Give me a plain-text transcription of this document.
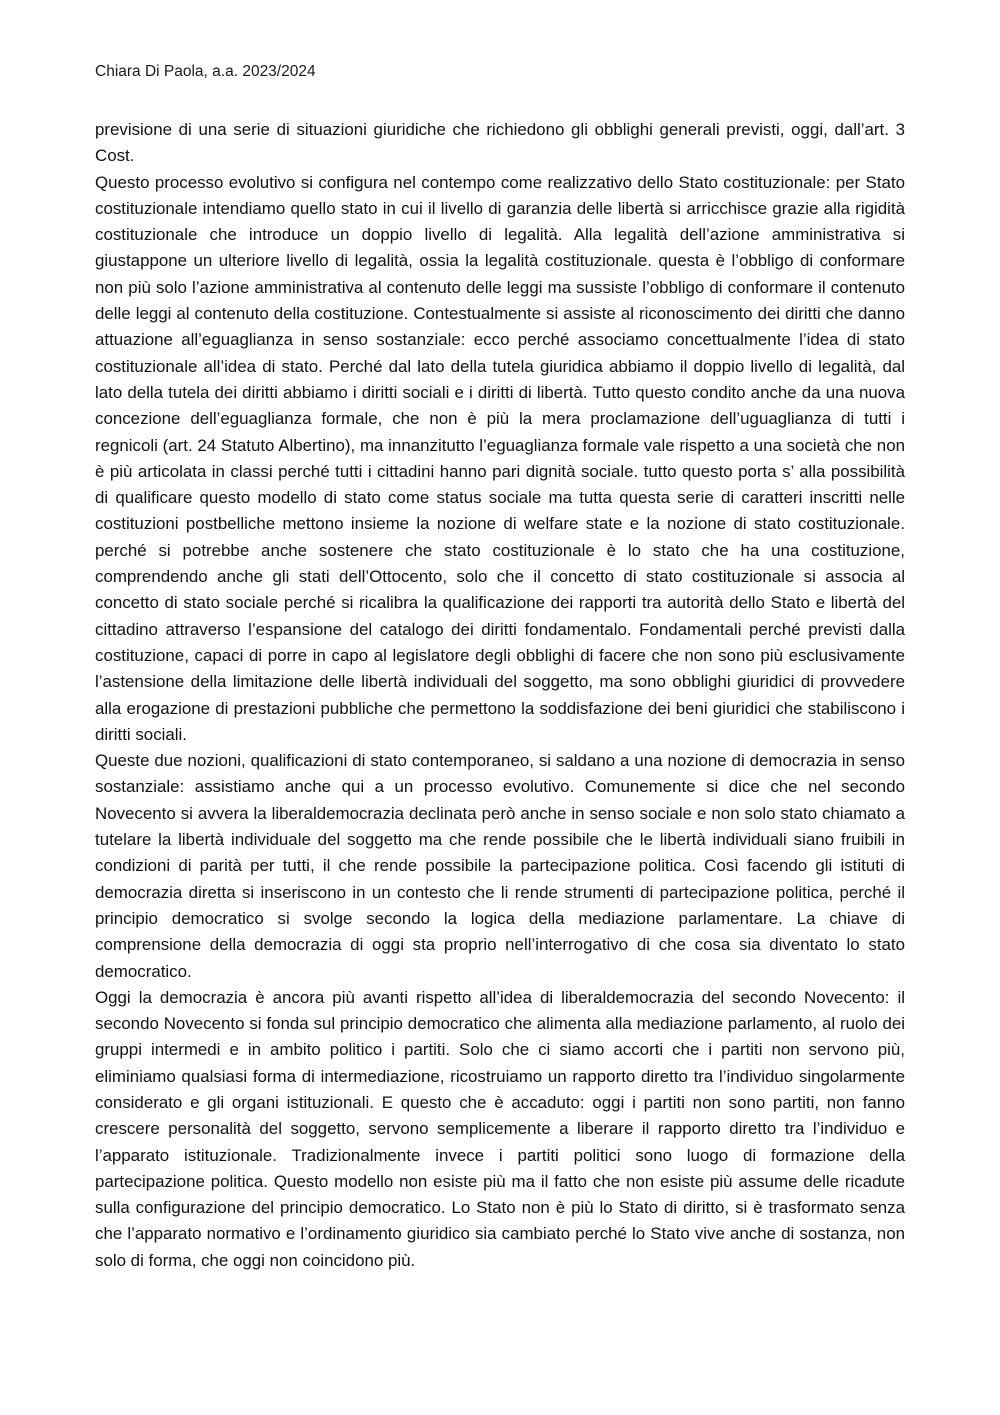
Chiara Di Paola, a.a. 2023/2024

previsione di una serie di situazioni giuridiche che richiedono gli obblighi generali previsti, oggi, dall’art. 3 Cost.

Questo processo evolutivo si configura nel contempo come realizzativo dello Stato costituzionale: per Stato costituzionale intendiamo quello stato in cui il livello di garanzia delle libertà si arricchisce grazie alla rigidità costituzionale che introduce un doppio livello di legalità. Alla legalità dell’azione amministrativa si giustappone un ulteriore livello di legalità, ossia la legalità costituzionale. questa è l’obbligo di conformare non più solo l’azione amministrativa al contenuto delle leggi ma sussiste l’obbligo di conformare il contenuto delle leggi al contenuto della costituzione. Contestualmente si assiste al riconoscimento dei diritti che danno attuazione all’eguaglianza in senso sostanziale: ecco perché associamo concettualmente l’idea di stato costituzionale all’idea di stato. Perché dal lato della tutela giuridica abbiamo il doppio livello di legalità, dal lato della tutela dei diritti abbiamo i diritti sociali e i diritti di libertà. Tutto questo condito anche da una nuova concezione dell’eguaglianza formale, che non è più la mera proclamazione dell’uguaglianza di tutti i regnicoli (art. 24 Statuto Albertino), ma innanzitutto l’eguaglianza formale vale rispetto a una società che non è più articolata in classi perché tutti i cittadini hanno pari dignità sociale. tutto questo porta s’ alla possibilità di qualificare questo modello di stato come status sociale ma tutta questa serie di caratteri inscritti nelle costituzioni postbelliche mettono insieme la nozione di welfare state e la nozione di stato costituzionale. perché si potrebbe anche sostenere che stato costituzionale è lo stato che ha una costituzione, comprendendo anche gli stati dell’Ottocento, solo che il concetto di stato costituzionale si associa al concetto di stato sociale perché si ricalibra la qualificazione dei rapporti tra autorità dello Stato e libertà del cittadino attraverso l’espansione del catalogo dei diritti fondamentalo. Fondamentali perché previsti dalla costituzione, capaci di porre in capo al legislatore degli obblighi di facere che non sono più esclusivamente l’astensione della limitazione delle libertà individuali del soggetto, ma sono obblighi giuridici di provvedere alla erogazione di prestazioni pubbliche che permettono la soddisfazione dei beni giuridici che stabiliscono i diritti sociali.

Queste due nozioni, qualificazioni di stato contemporaneo, si saldano a una nozione di democrazia in senso sostanziale: assistiamo anche qui a un processo evolutivo. Comunemente si dice che nel secondo Novecento si avvera la liberaldemocrazia declinata però anche in senso sociale e non solo stato chiamato a tutelare la libertà individuale del soggetto ma che rende possibile che le libertà individuali siano fruibili in condizioni di parità per tutti, il che rende possibile la partecipazione politica. Così facendo gli istituti di democrazia diretta si inseriscono in un contesto che li rende strumenti di partecipazione politica, perché il principio democratico si svolge secondo la logica della mediazione parlamentare. La chiave di comprensione della democrazia di oggi sta proprio nell’interrogativo di che cosa sia diventato lo stato democratico.

Oggi la democrazia è ancora più avanti rispetto all’idea di liberaldemocrazia del secondo Novecento: il secondo Novecento si fonda sul principio democratico che alimenta alla mediazione parlamento, al ruolo dei gruppi intermedi e in ambito politico i partiti. Solo che ci siamo accorti che i partiti non servono più, eliminiamo qualsiasi forma di intermediazione, ricostruiamo un rapporto diretto tra l’individuo singolarmente considerato e gli organi istituzionali. E questo che è accaduto: oggi i partiti non sono partiti, non fanno crescere personalità del soggetto, servono semplicemente a liberare il rapporto diretto tra l’individuo e l’apparato istituzionale. Tradizionalmente invece i partiti politici sono luogo di formazione della partecipazione politica. Questo modello non esiste più ma il fatto che non esiste più assume delle ricadute sulla configurazione del principio democratico. Lo Stato non è più lo Stato di diritto, si è trasformato senza che l’apparato normativo e l’ordinamento giuridico sia cambiato perché lo Stato vive anche di sostanza, non solo di forma, che oggi non coincidono più.
